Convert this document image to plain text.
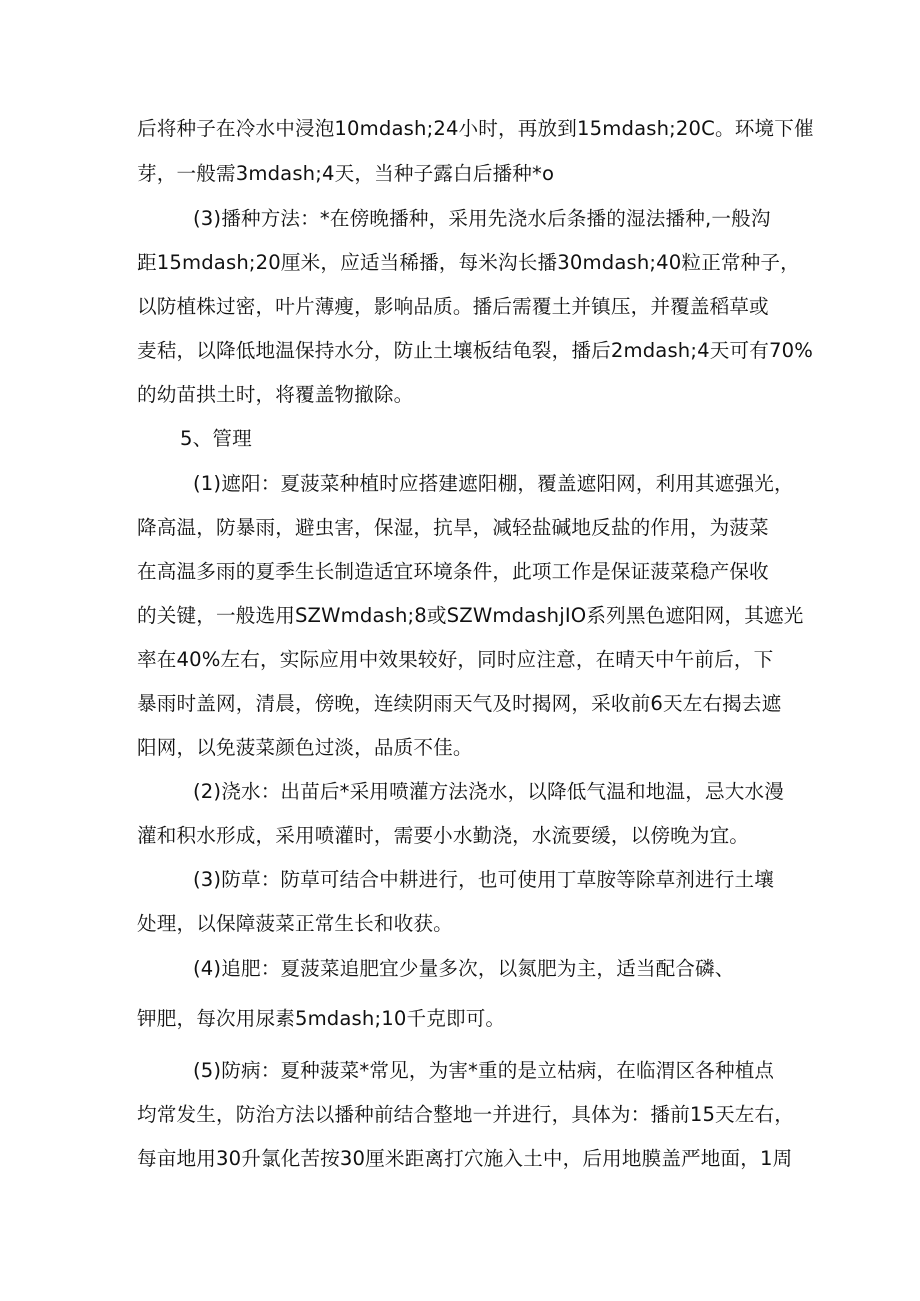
后将种子在冷水中浸泡10mdash;24小时，再放到15mdash;20C。环境下催
芽，一般需3mdash;4天，当种子露白后播种*o
(3)播种方法：*在傍晚播种，采用先浇水后条播的湿法播种,一般沟
距15mdash;20厘米，应适当稀播，每米沟长播30mdash;40粒正常种子，
以防植株过密，叶片薄瘦，影响品质。播后需覆土并镇压，并覆盖稻草或
麦秸，以降低地温保持水分，防止土壤板结龟裂，播后2mdash;4天可有70%
的幼苗拱土时，将覆盖物撤除。
5、管理
(1)遮阳：夏菠菜种植时应搭建遮阳棚，覆盖遮阳网，利用其遮强光，
降高温，防暴雨，避虫害，保湿，抗旱，减轻盐碱地反盐的作用，为菠菜
在高温多雨的夏季生长制造适宜环境条件，此项工作是保证菠菜稳产保收
的关键，一般选用SZWmdash;8或SZWmdashjIO系列黑色遮阳网，其遮光
率在40%左右，实际应用中效果较好，同时应注意，在晴天中午前后，下
暴雨时盖网，清晨，傍晚，连续阴雨天气及时揭网，采收前6天左右揭去遮
阳网，以免菠菜颜色过淡，品质不佳。
(2)浇水：出苗后*采用喷灌方法浇水，以降低气温和地温，忌大水漫
灌和积水形成，采用喷灌时，需要小水勤浇，水流要缓，以傍晚为宜。
(3)防草：防草可结合中耕进行，也可使用丁草胺等除草剂进行土壤
处理，以保障菠菜正常生长和收获。
(4)追肥：夏菠菜追肥宜少量多次，以氮肥为主，适当配合磷、
钾肥，每次用尿素5mdash;10千克即可。
(5)防病：夏种菠菜*常见，为害*重的是立枯病，在临渭区各种植点
均常发生，防治方法以播种前结合整地一并进行，具体为：播前15天左右，
每亩地用30升氯化苦按30厘米距离打穴施入土中，后用地膜盖严地面，1周
